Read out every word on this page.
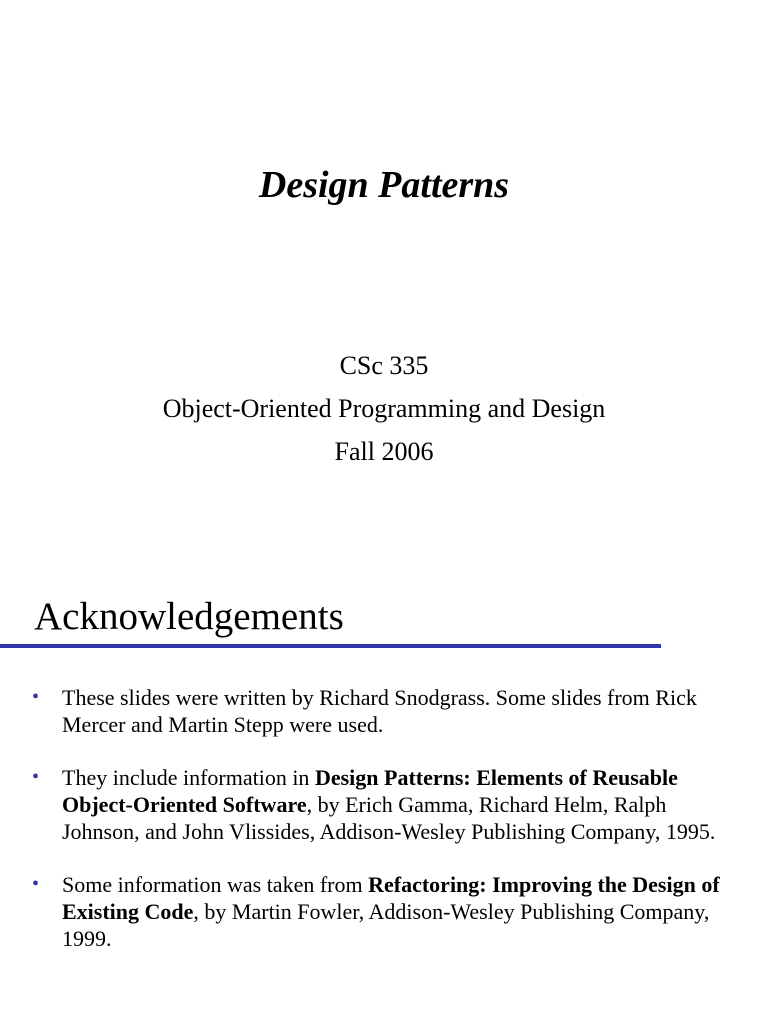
Design Patterns
CSc 335
Object-Oriented Programming and Design
Fall 2006
Acknowledgements
• These slides were written by Richard Snodgrass. Some slides from Rick Mercer and Martin Stepp were used.
• They include information in Design Patterns: Elements of Reusable Object-Oriented Software, by Erich Gamma, Richard Helm, Ralph Johnson, and John Vlissides, Addison-Wesley Publishing Company, 1995.
• Some information was taken from Refactoring: Improving the Design of Existing Code, by Martin Fowler, Addison-Wesley Publishing Company, 1999.
